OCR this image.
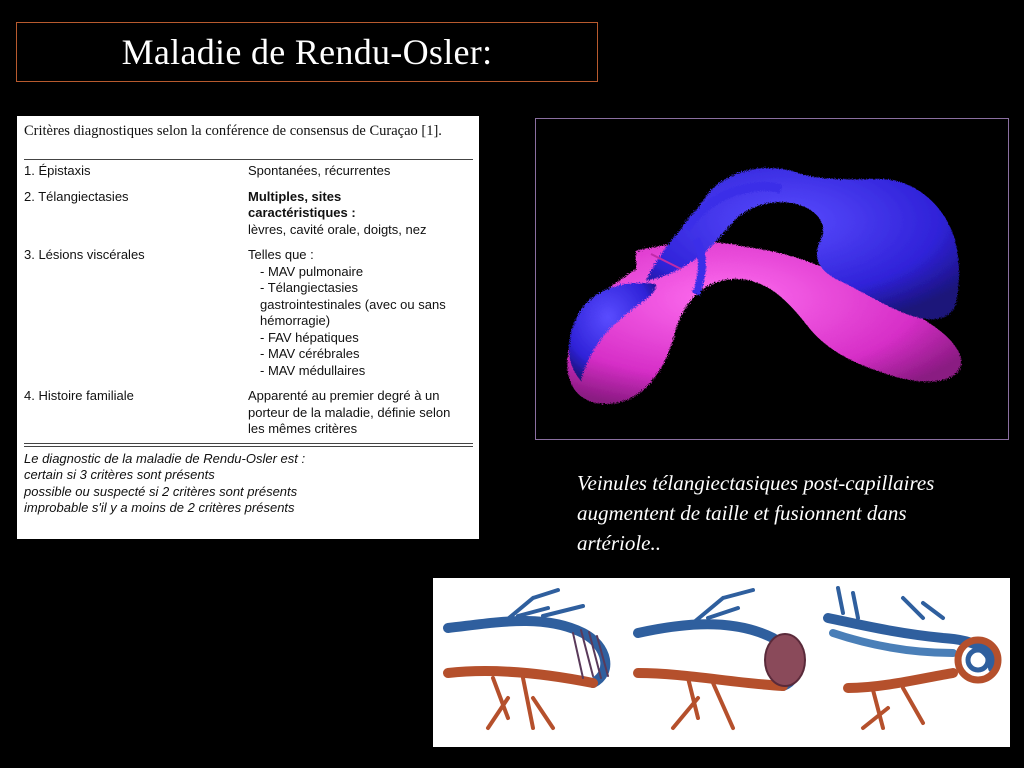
Maladie de Rendu-Osler:

Critères diagnostiques selon la conférence de consensus de Curaçao [1].

1. Épistaxis	Spontanées, récurrentes
2. Télangiectasies	Multiples, sites caractéristiques :
lèvres, cavité orale, doigts, nez
3. Lésions viscérales	Telles que :
- MAV pulmonaire
- Télangiectasies gastrointestinales (avec ou sans hémorragie)
- FAV hépatiques
- MAV cérébrales
- MAV médullaires
4. Histoire familiale	Apparenté au premier degré à un porteur de la maladie, définie selon les mêmes critères
Le diagnostic de la maladie de Rendu-Osler est :
certain si 3 critères sont présents
possible ou suspecté si 2 critères sont présents
improbable s'il y a moins de 2 critères présents
Veinules télangiectasiques post-capillaires augmentent de taille et fusionnent dans artériole..
